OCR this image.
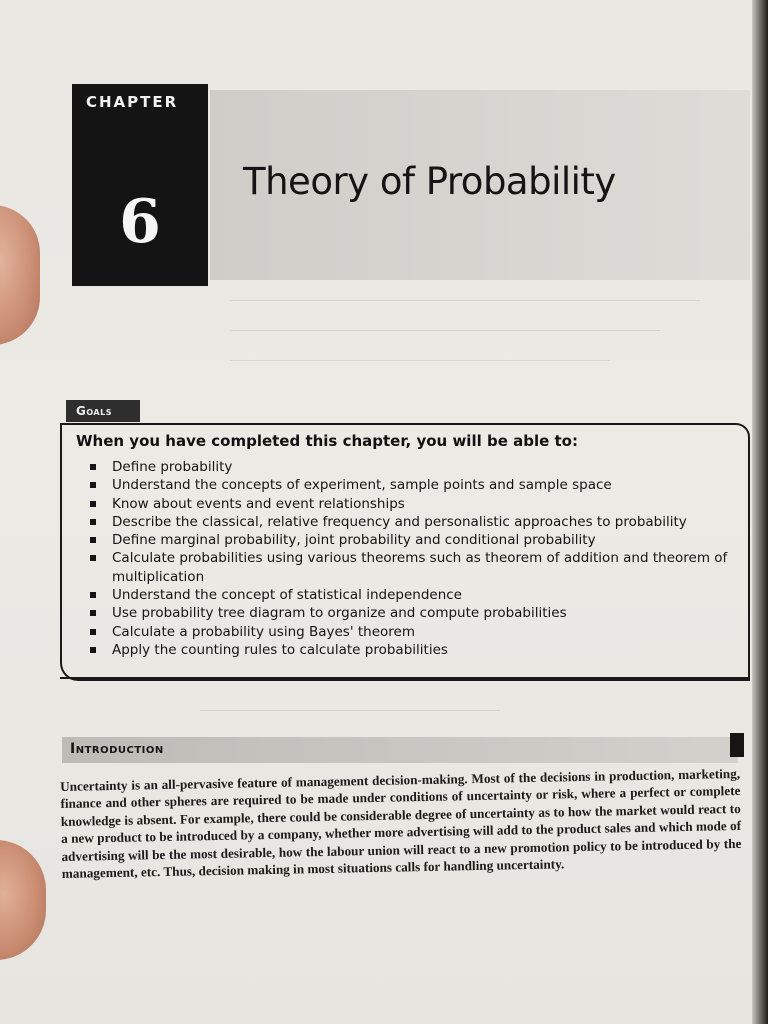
CHAPTER
6
Theory of Probability
Goals
When you have completed this chapter, you will be able to:
Define probability
Understand the concepts of experiment, sample points and sample space
Know about events and event relationships
Describe the classical, relative frequency and personalistic approaches to probability
Define marginal probability, joint probability and conditional probability
Calculate probabilities using various theorems such as theorem of addition and theorem of multiplication
Understand the concept of statistical independence
Use probability tree diagram to organize and compute probabilities
Calculate a probability using Bayes' theorem
Apply the counting rules to calculate probabilities
Introduction

Uncertainty is an all-pervasive feature of management decision-making. Most of the decisions in production, marketing, finance and other spheres are required to be made under conditions of uncertainty or risk, where a perfect or complete knowledge is absent. For example, there could be considerable degree of uncertainty as to how the market would react to a new product to be introduced by a company, whether more advertising will add to the product sales and which mode of advertising will be the most desirable, how the labour union will react to a new promotion policy to be introduced by the management, etc. Thus, decision making in most situations calls for handling uncertainty.
